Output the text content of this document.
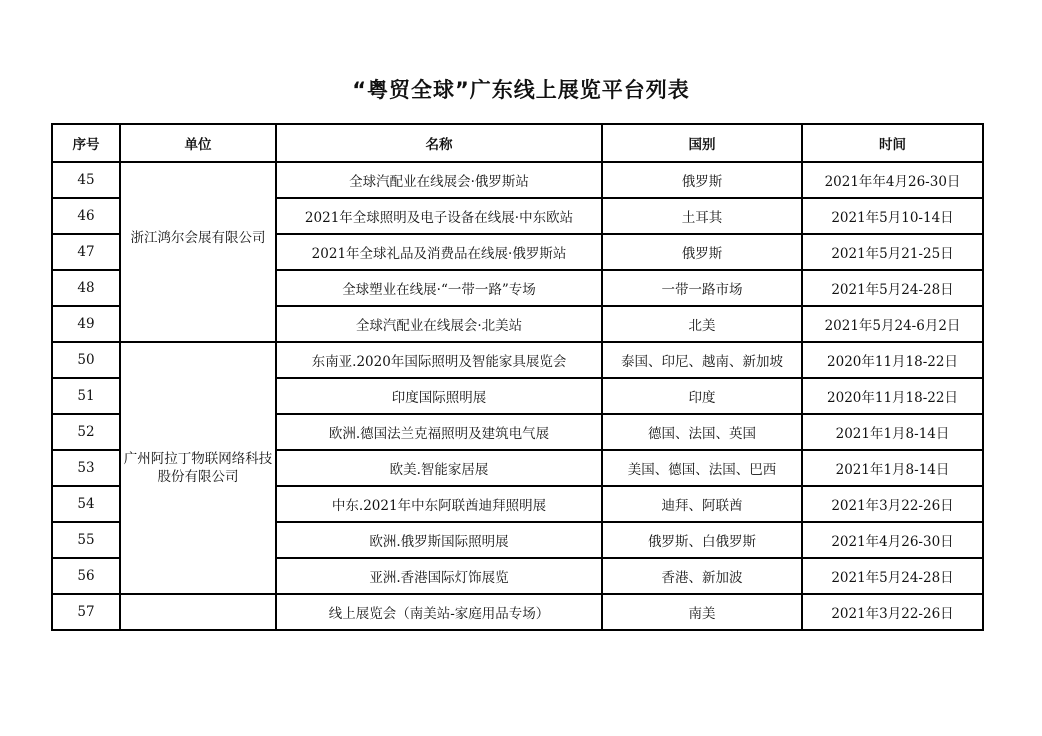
“粤贸全球”广东线上展览平台列表
序号	单位	名称	国别	时间
45	浙江鸿尔会展有限公司	全球汽配业在线展会·俄罗斯站	俄罗斯	2021年年4月26-30日
46		2021年全球照明及电子设备在线展·中东欧站	土耳其	2021年5月10-14日
47		2021年全球礼品及消费品在线展·俄罗斯站	俄罗斯	2021年5月21-25日
48		全球塑业在线展·“一带一路”专场	一带一路市场	2021年5月24-28日
49		全球汽配业在线展会·北美站	北美	2021年5月24-6月2日
50	广州阿拉丁物联网络科技股份有限公司	东南亚.2020年国际照明及智能家具展览会	泰国、印尼、越南、新加坡	2020年11月18-22日
51		印度国际照明展	印度	2020年11月18-22日
52		欧洲.德国法兰克福照明及建筑电气展	德国、法国、英国	2021年1月8-14日
53		欧美.智能家居展	美国、德国、法国、巴西	2021年1月8-14日
54		中东.2021年中东阿联酋迪拜照明展	迪拜、阿联酋	2021年3月22-26日
55		欧洲.俄罗斯国际照明展	俄罗斯、白俄罗斯	2021年4月26-30日
56		亚洲.香港国际灯饰展览	香港、新加波	2021年5月24-28日
57		线上展览会（南美站-家庭用品专场）	南美	2021年3月22-26日
